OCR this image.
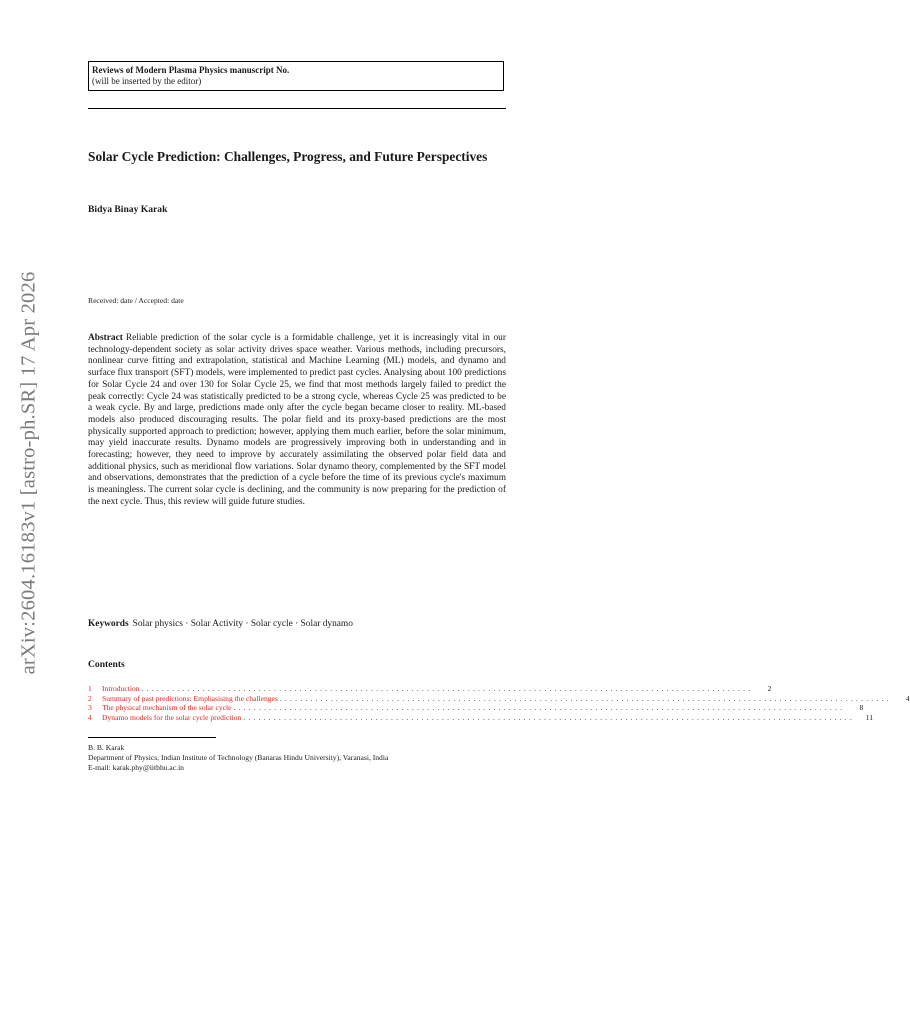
arXiv:2604.16183v1 [astro-ph.SR] 17 Apr 2026
Reviews of Modern Plasma Physics manuscript No.
(will be inserted by the editor)
Solar Cycle Prediction: Challenges, Progress, and Future Perspectives
Bidya Binay Karak
Received: date / Accepted: date

Abstract Reliable prediction of the solar cycle is a formidable challenge, yet it is increasingly vital in our technology-dependent society as solar activity drives space weather. Various methods, including precursors, nonlinear curve fitting and extrapolation, statistical and Machine Learning (ML) models, and dynamo and surface flux transport (SFT) models, were implemented to predict past cycles. Analysing about 100 predictions for Solar Cycle 24 and over 130 for Solar Cycle 25, we find that most methods largely failed to predict the peak correctly: Cycle 24 was statistically predicted to be a strong cycle, whereas Cycle 25 was predicted to be a weak cycle. By and large, predictions made only after the cycle began became closer to reality. ML-based models also produced discouraging results. The polar field and its proxy-based predictions are the most physically supported approach to prediction; however, applying them much earlier, before the solar minimum, may yield inaccurate results. Dynamo models are progressively improving both in understanding and in forecasting; however, they need to improve by accurately assimilating the observed polar field data and additional physics, such as meridional flow variations. Solar dynamo theory, complemented by the SFT model and observations, demonstrates that the prediction of a cycle before the time of its previous cycle's maximum is meaningless. The current solar cycle is declining, and the community is now preparing for the prediction of the next cycle. Thus, this review will guide future studies.

Keywords Solar physics · Solar Activity · Solar cycle · Solar dynamo
Contents
1	Introduction ........................................................................................................................	2
2	Summary of past predictions: Emphasising the challenges ........................................................................................................................	4
3	The physical mechanism of the solar cycle ........................................................................................................................	8
4	Dynamo models for the solar cycle prediction ........................................................................................................................	11
B. B. Karak
Department of Physics, Indian Institute of Technology (Banaras Hindu University), Varanasi, India
E-mail: karak.phy@iitbhu.ac.in
